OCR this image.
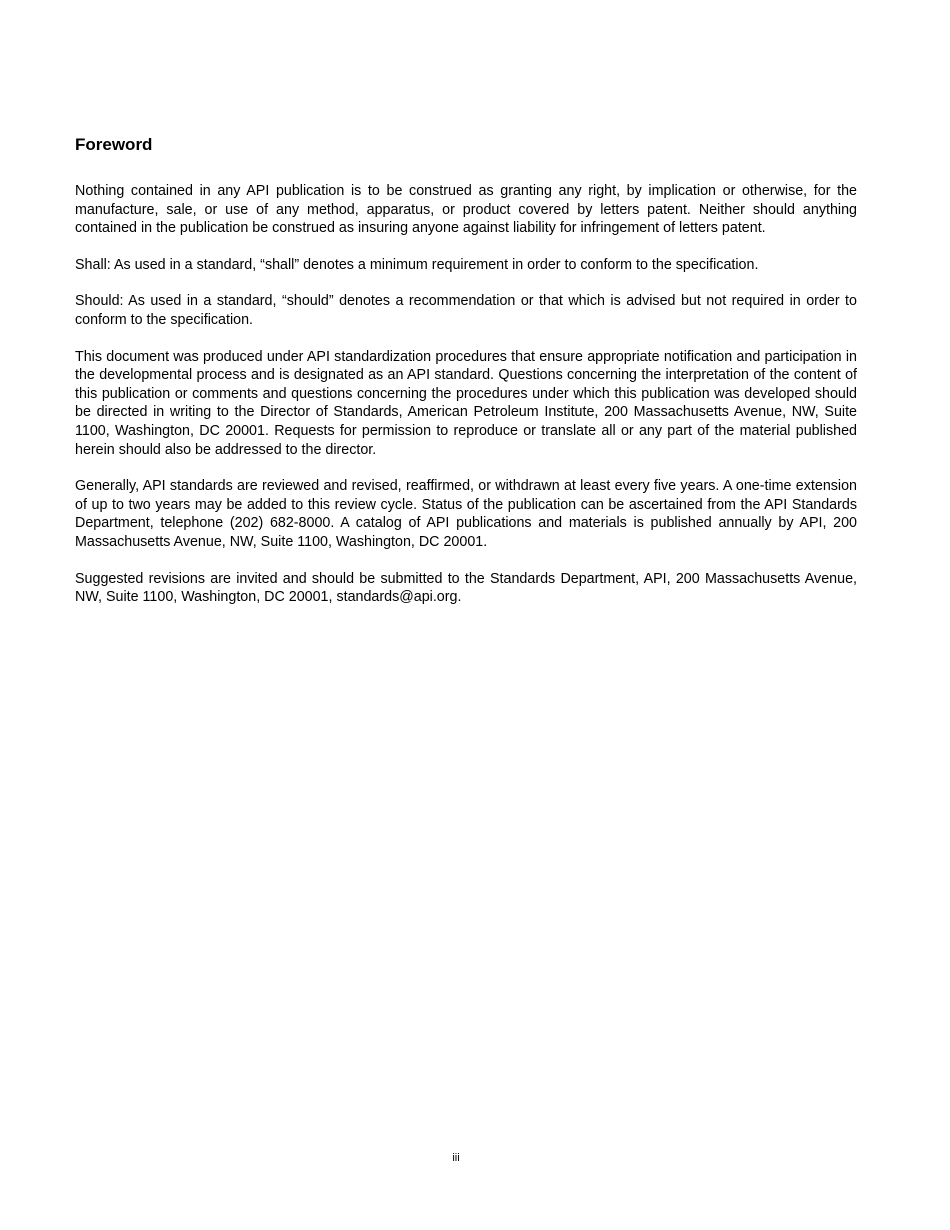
Foreword

Nothing contained in any API publication is to be construed as granting any right, by implication or otherwise, for the manufacture, sale, or use of any method, apparatus, or product covered by letters patent. Neither should anything contained in the publication be construed as insuring anyone against liability for infringement of letters patent.

Shall: As used in a standard, “shall” denotes a minimum requirement in order to conform to the specification.

Should: As used in a standard, “should” denotes a recommendation or that which is advised but not required in order to conform to the specification.

This document was produced under API standardization procedures that ensure appropriate notification and participation in the developmental process and is designated as an API standard. Questions concerning the interpretation of the content of this publication or comments and questions concerning the procedures under which this publication was developed should be directed in writing to the Director of Standards, American Petroleum Institute, 200 Massachusetts Avenue, NW, Suite 1100, Washington, DC 20001. Requests for permission to reproduce or translate all or any part of the material published herein should also be addressed to the director.

Generally, API standards are reviewed and revised, reaffirmed, or withdrawn at least every five years. A one-time extension of up to two years may be added to this review cycle. Status of the publication can be ascertained from the API Standards Department, telephone (202) 682-8000. A catalog of API publications and materials is published annually by API, 200 Massachusetts Avenue, NW, Suite 1100, Washington, DC 20001.

Suggested revisions are invited and should be submitted to the Standards Department, API, 200 Massachusetts Avenue, NW, Suite 1100, Washington, DC 20001, standards@api.org.

iii
